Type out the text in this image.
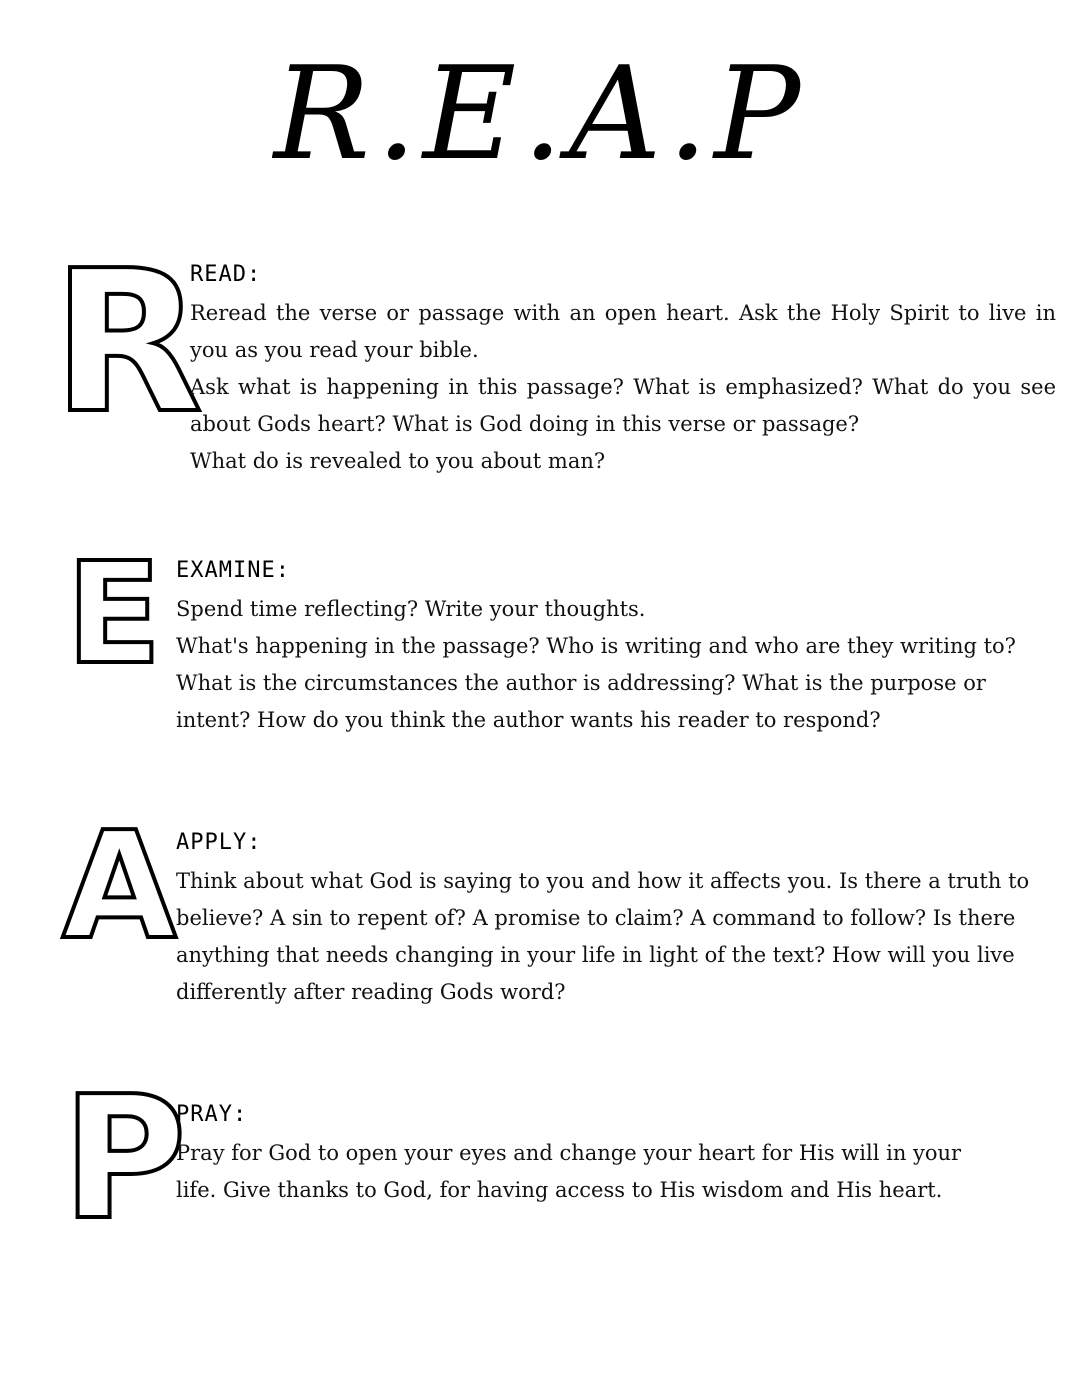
R.E.A.P
R
READ:

Reread the verse or passage with an open heart. Ask the Holy Spirit to live in you as you read your bible.

Ask what is happening in this passage? What is emphasized? What do you see about Gods heart? What is God doing in this verse or passage?

What do is revealed to you about man?

E EXAMINE:

Spend time reflecting? Write your thoughts.

What's happening in the passage? Who is writing and who are they writing to? What is the circumstances the author is addressing? What is the purpose or intent? How do you think the author wants his reader to respond?

A APPLY:

Think about what God is saying to you and how it affects you. Is there a truth to believe? A sin to repent of? A promise to claim? A command to follow? Is there anything that needs changing in your life in light of the text? How will you live differently after reading Gods word?

P
PRAY:

Pray for God to open your eyes and change your heart for His will in your life. Give thanks to God, for having access to His wisdom and His heart.
